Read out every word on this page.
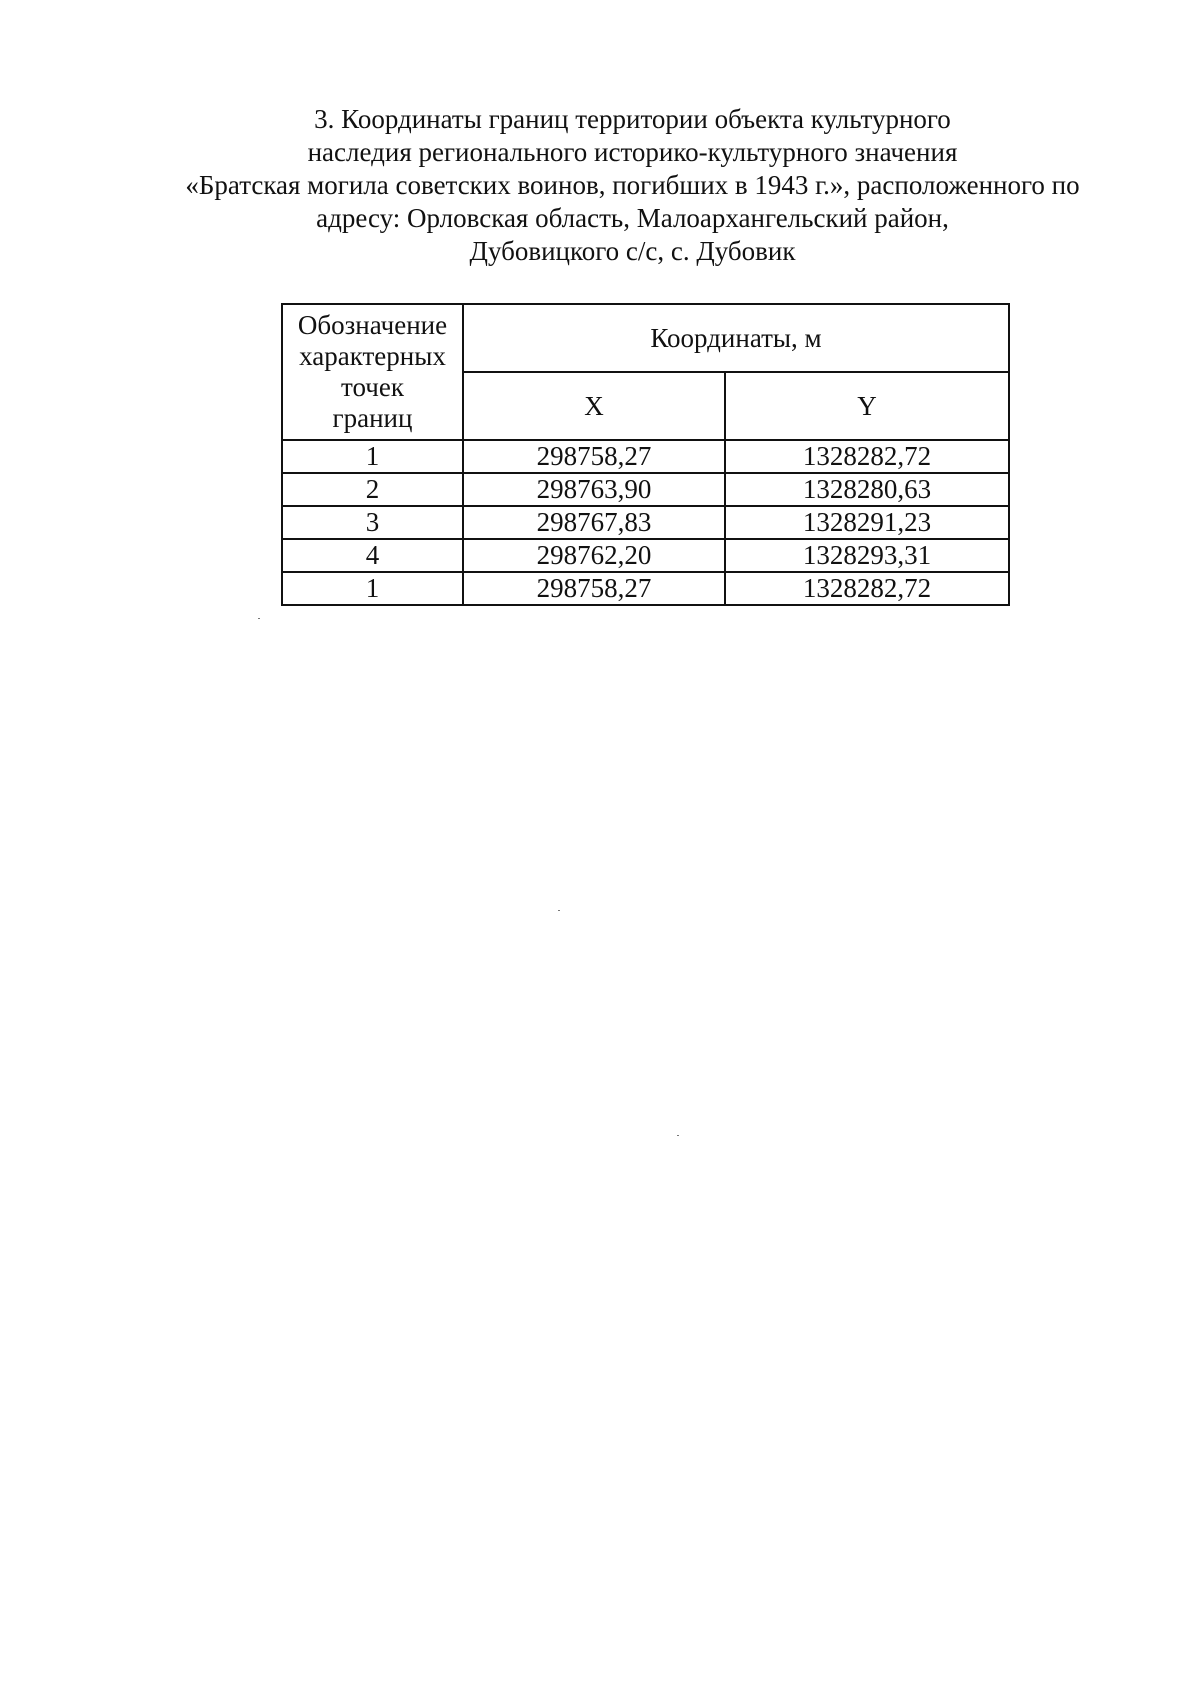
3. Координаты границ территории объекта культурного
наследия регионального историко-культурного значения
«Братская могила советских воинов, погибших в 1943 г.», расположенного по
адресу: Орловская область, Малоархангельский район,
Дубовицкого с/с, с. Дубовик
Обозначение
характерных
точек
границ	Координаты, м	
	X	Y
1	298758,27	1328282,72
2	298763,90	1328280,63
3	298767,83	1328291,23
4	298762,20	1328293,31
1	298758,27	1328282,72
